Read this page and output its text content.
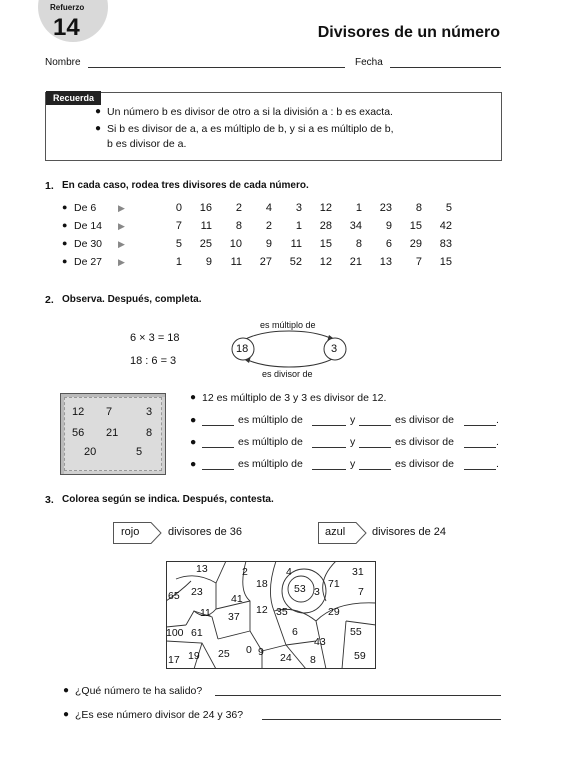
Refuerzo
14	Divisores de un número
Nombre	Fecha
Recuerda
● Un número b es divisor de otro a si la división a : b es exacta.
● Si b es divisor de a, a es múltiplo de b, y si a es múltiplo de b,
b es divisor de a.
1. En cada caso, rodea tres divisores de cada número.
● De 6 ▶	0	16	2	4	3	12	1	23	8	5
● De 14 ▶	7	11	8	2	1	28	34	9	15	42
● De 30 ▶	5	25	10	9	11	15	8	6	29	83
● De 27 ▶	1	9	11	27	52	12	21	13	7	15
2. Observa. Después, completa.
6 × 3 = 18
18 : 6 = 3
es múltiplo de
es divisor de
18	3
12 7	3
56 21	8
20	5
● 12 es múltiplo de 3 y 3 es divisor de 12.
●	es múltiplo de	y	es divisor de	.
●	es múltiplo de	y	es divisor de	.
●	es múltiplo de	y	es divisor de	.
3. Colorea según se indica. Después, contesta.
rojo	divisores de 36	azul divisores de 24
13	2	4	31
18
65 23
41
53 3
71
7
11 37
12 35	29
100 61	6	55
17 19 25 0 9 24 8
43
59
● ¿Qué número te ha salido?
● ¿Es ese número divisor de 24 y 36?
